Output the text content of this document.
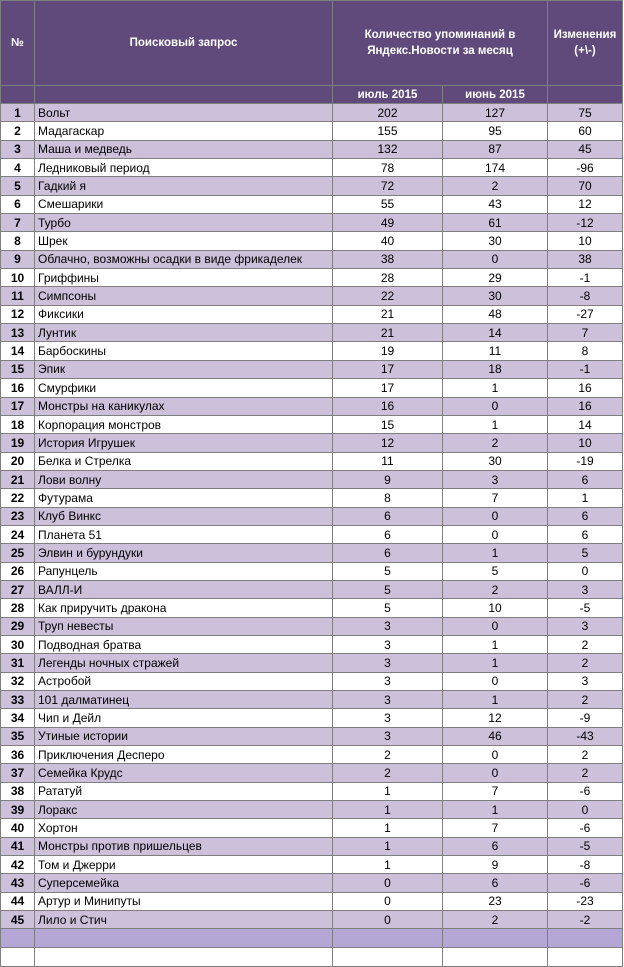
№	Поисковый запрос	Количество упоминаний в Яндекс.Новости за месяц		Изменения (+\-)
		июль 2015	июнь 2015	
1	Вольт	202	127	75
2	Мадагаскар	155	95	60
3	Маша и медведь	132	87	45
4	Ледниковый период	78	174	-96
5	Гадкий я	72	2	70
6	Смешарики	55	43	12
7	Турбо	49	61	-12
8	Шрек	40	30	10
9	Облачно, возможны осадки в виде фрикаделек	38	0	38
10	Гриффины	28	29	-1
11	Симпсоны	22	30	-8
12	Фиксики	21	48	-27
13	Лунтик	21	14	7
14	Барбоскины	19	11	8
15	Эпик	17	18	-1
16	Смурфики	17	1	16
17	Монстры на каникулах	16	0	16
18	Корпорация монстров	15	1	14
19	История Игрушек	12	2	10
20	Белка и Стрелка	11	30	-19
21	Лови волну	9	3	6
22	Футурама	8	7	1
23	Клуб Винкс	6	0	6
24	Планета 51	6	0	6
25	Элвин и бурундуки	6	1	5
26	Рапунцель	5	5	0
27	ВАЛЛ-И	5	2	3
28	Как приручить дракона	5	10	-5
29	Труп невесты	3	0	3
30	Подводная братва	3	1	2
31	Легенды ночных стражей	3	1	2
32	Астробой	3	0	3
33	101 далматинец	3	1	2
34	Чип и Дейл	3	12	-9
35	Утиные истории	3	46	-43
36	Приключения Десперо	2	0	2
37	Семейка Крудс	2	0	2
38	Рататуй	1	7	-6
39	Лоракс	1	1	0
40	Хортон	1	7	-6
41	Монстры против пришельцев	1	6	-5
42	Том и Джерри	1	9	-8
43	Суперсемейка	0	6	-6
44	Артур и Минипуты	0	23	-23
45	Лило и Стич	0	2	-2
